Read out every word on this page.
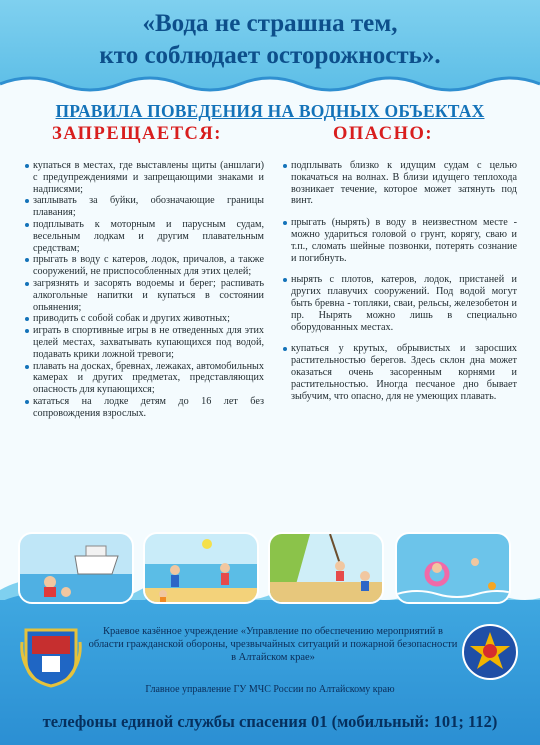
«Вода не страшна тем,
кто соблюдает осторожность».
ПРАВИЛА ПОВЕДЕНИЯ НА ВОДНЫХ ОБЪЕКТАХ
ЗАПРЕЩАЕТСЯ:	ОПАСНО:
купаться в местах, где выставлены щиты (аншлаги) с предупреждениями и запрещающими знаками и надписями;
заплывать за буйки, обозначающие границы плавания;
подплывать к моторным и парусным судам, весельным лодкам и другим плавательным средствам;
прыгать в воду с катеров, лодок, причалов, а также сооружений, не приспособленных для этих целей;
загрязнять и засорять водоемы и берег; распивать алкогольные напитки и купаться в состоянии опьянения;
приводить с собой собак и других животных;
играть в спортивные игры в не отведенных для этих целей местах, захватывать купающихся под водой, подавать крики ложной тревоги;
плавать на досках, бревнах, лежаках, автомобильных камерах и других предметах, представляющих опасность для купающихся;
кататься на лодке детям до 16 лет без сопровождения взрослых.
подплывать близко к идущим судам с целью покачаться на волнах. В близи идущего теплохода возникает течение, которое может затянуть под винт.
прыгать (нырять) в воду в неизвестном месте - можно удариться головой о грунт, корягу, сваю и т.п., сломать шейные позвонки, потерять сознание и погибнуть.
нырять с плотов, катеров, лодок, пристаней и других плавучих сооружений. Под водой могут быть бревна - топляки, сваи, рельсы, железобетон и пр. Нырять можно лишь в специально оборудованных местах.
купаться у крутых, обрывистых и заросших растительностью берегов. Здесь склон дна может оказаться очень засоренным корнями и растительностью. Иногда песчаное дно бывает зыбучим, что опасно, для не умеющих плавать.
Краевое казённое учреждение «Управление по обеспечению мероприятий в области гражданской обороны, чрезвычайных ситуаций и пожарной безопасности в Алтайском крае»
Главное управление ГУ МЧС России по Алтайскому краю
телефоны единой службы спасения 01 (мобильный: 101; 112)
